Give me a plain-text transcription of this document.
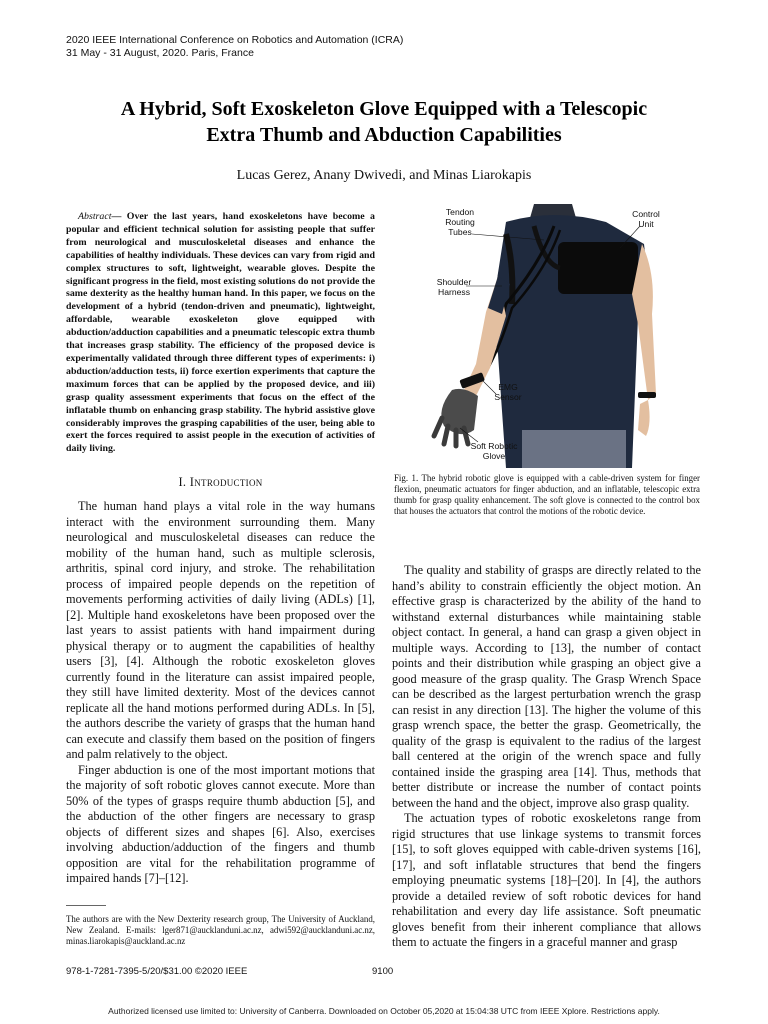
2020 IEEE International Conference on Robotics and Automation (ICRA)
31 May - 31 August, 2020. Paris, France
A Hybrid, Soft Exoskeleton Glove Equipped with a Telescopic
Extra Thumb and Abduction Capabilities
Lucas Gerez, Anany Dwivedi, and Minas Liarokapis

Abstract— Over the last years, hand exoskeletons have become a popular and efficient technical solution for assisting people that suffer from neurological and musculoskeletal diseases and enhance the capabilities of healthy individuals. These devices can vary from rigid and complex structures to soft, lightweight, wearable gloves. Despite the significant progress in the field, most existing solutions do not provide the same dexterity as the healthy human hand. In this paper, we focus on the development of a hybrid (tendon-driven and pneumatic), lightweight, affordable, wearable exoskeleton glove equipped with abduction/adduction capabilities and a pneumatic telescopic extra thumb that increases grasp stability. The efficiency of the proposed device is experimentally validated through three different types of experiments: i) abduction/adduction tests, ii) force exertion experiments that capture the maximum forces that can be applied by the proposed device, and iii) grasp quality assessment experiments that focus on the effect of the inflatable thumb on enhancing grasp stability. The hybrid assistive glove considerably improves the grasping capabilities of the user, being able to exert the forces required to assist people in the execution of activities of daily living.

I. Introduction

The human hand plays a vital role in the way humans interact with the environment surrounding them. Many neurological and musculoskeletal diseases can reduce the mobility of the human hand, such as multiple sclerosis, arthritis, spinal cord injury, and stroke. The rehabilitation process of impaired people depends on the repetition of movements performing activities of daily living (ADLs) [1], [2]. Multiple hand exoskeletons have been proposed over the last years to assist patients with hand impairment during physical therapy or to augment the capabilities of healthy users [3], [4]. Although the robotic exoskeleton gloves currently found in the literature can assist impaired people, they still have limited dexterity. Most of the devices cannot replicate all the hand motions performed during ADLs. In [5], the authors describe the variety of grasps that the human hand can execute and classify them based on the position of fingers and palm relatively to the object.

Finger abduction is one of the most important motions that the majority of soft robotic gloves cannot execute. More than 50% of the types of grasps require thumb abduction [5], and the abduction of the other fingers are necessary to grasp objects of different sizes and shapes [6]. Also, exercises involving abduction/adduction of the fingers and thumb opposition are vital for the rehabilitation programme of impaired hands [7]–[12].

The authors are with the New Dexterity research group, The University of Auckland, New Zealand. E-mails: lger871@aucklanduni.ac.nz, adwi592@aucklanduni.ac.nz, minas.liarokapis@auckland.ac.nz
Tendon
Routing
Tubes
Control
Unit
Shoulder
Harness
EMG
Sensor
Soft Robotic
Glove
Fig. 1. The hybrid robotic glove is equipped with a cable-driven system for finger flexion, pneumatic actuators for finger abduction, and an inflatable, telescopic extra thumb for grasp quality enhancement. The soft glove is connected to the control box that houses the actuators that control the motions of the robotic device.

The quality and stability of grasps are directly related to the hand’s ability to constrain efficiently the object motion. An effective grasp is characterized by the ability of the hand to withstand external disturbances while maintaining stable object contact. In general, a hand can grasp a given object in multiple ways. According to [13], the number of contact points and their distribution while grasping an object give a good measure of the grasp quality. The Grasp Wrench Space can be described as the largest perturbation wrench the grasp can resist in any direction [13]. The higher the volume of this grasp wrench space, the better the grasp. Geometrically, the quality of the grasp is equivalent to the radius of the largest ball centered at the origin of the wrench space and fully contained inside the grasping area [14]. Thus, methods that better distribute or increase the number of contact points between the hand and the object, improve also grasp quality.

The actuation types of robotic exoskeletons range from rigid structures that use linkage systems to transmit forces [15], to soft gloves equipped with cable-driven systems [16], [17], and soft inflatable structures that bend the fingers employing pneumatic systems [18]–[20]. In [4], the authors provide a detailed review of soft robotic devices for hand rehabilitation and every day life assistance. Soft pneumatic gloves benefit from their inherent compliance that allows them to actuate the fingers in a graceful manner and grasp

978-1-7281-7395-5/20/$31.00 ©2020 IEEE	9100
Authorized licensed use limited to: University of Canberra. Downloaded on October 05,2020 at 15:04:38 UTC from IEEE Xplore. Restrictions apply.
